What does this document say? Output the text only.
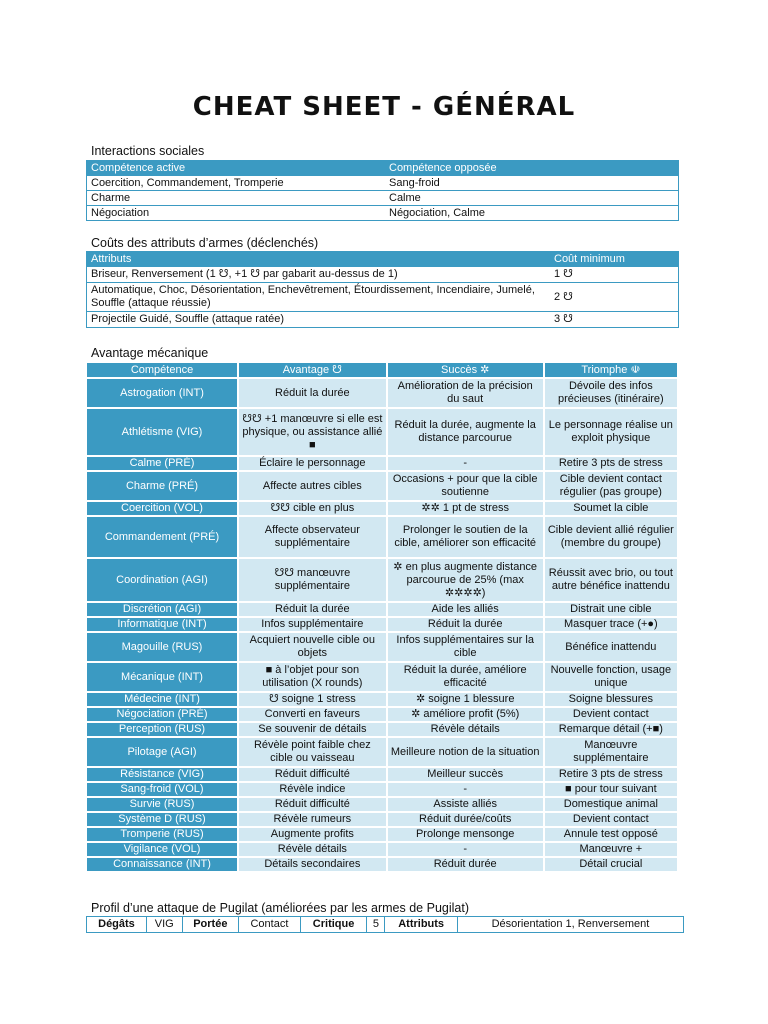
CHEAT SHEET - GÉNÉRAL
Interactions sociales
Compétence active	Compétence opposée
Coercition, Commandement, Tromperie	Sang-froid
Charme	Calme
Négociation	Négociation, Calme
Coûts des attributs d’armes (déclenchés)
Attributs	Coût minimum
Briseur, Renversement (1 ☋, +1 ☋ par gabarit au-dessus de 1)	1 ☋
Automatique, Choc, Désorientation, Enchevêtrement, Étourdissement, Incendiaire, Jumelé, Souffle (attaque réussie)	2 ☋
Projectile Guidé, Souffle (attaque ratée)	3 ☋
Avantage mécanique
Compétence	Avantage ☋	Succès ✲	Triomphe ☫
Astrogation (INT)	Réduit la durée	Amélioration de la précision du saut	Dévoile des infos précieuses (itinéraire)
Athlétisme (VIG)	☋☋ +1 manœuvre si elle est physique, ou assistance allié ■	Réduit la durée, augmente la distance parcourue	Le personnage réalise un exploit physique
Calme (PRÉ)	Éclaire le personnage	-	Retire 3 pts de stress
Charme (PRÉ)	Affecte autres cibles	Occasions + pour que la cible soutienne	Cible devient contact régulier (pas groupe)
Coercition (VOL)	☋☋ cible en plus	✲✲ 1 pt de stress	Soumet la cible
Commandement (PRÉ)	Affecte observateur supplémentaire	Prolonger le soutien de la cible, améliorer son efficacité	Cible devient allié régulier (membre du groupe)
Coordination (AGI)	☋☋ manœuvre supplémentaire	✲ en plus augmente distance parcourue de 25% (max ✲✲✲✲)	Réussit avec brio, ou tout autre bénéfice inattendu
Discrétion (AGI)	Réduit la durée	Aide les alliés	Distrait une cible
Informatique (INT)	Infos supplémentaire	Réduit la durée	Masquer trace (+●)
Magouille (RUS)	Acquiert nouvelle cible ou objets	Infos supplémentaires sur la cible	Bénéfice inattendu
Mécanique (INT)	■ à l’objet pour son utilisation (X rounds)	Réduit la durée, améliore efficacité	Nouvelle fonction, usage unique
Médecine (INT)	☋ soigne 1 stress	✲ soigne 1 blessure	Soigne blessures
Négociation (PRÉ)	Converti en faveurs	✲ améliore profit (5%)	Devient contact
Perception (RUS)	Se souvenir de détails	Révèle détails	Remarque détail (+■)
Pilotage (AGI)	Révèle point faible chez cible ou vaisseau	Meilleure notion de la situation	Manœuvre supplémentaire
Résistance (VIG)	Réduit difficulté	Meilleur succès	Retire 3 pts de stress
Sang-froid (VOL)	Révèle indice	-	■ pour tour suivant
Survie (RUS)	Réduit difficulté	Assiste alliés	Domestique animal
Système D (RUS)	Révèle rumeurs	Réduit durée/coûts	Devient contact
Tromperie (RUS)	Augmente profits	Prolonge mensonge	Annule test opposé
Vigilance (VOL)	Révèle détails	-	Manœuvre +
Connaissance (INT)	Détails secondaires	Réduit durée	Détail crucial
Profil d’une attaque de Pugilat (améliorées par les armes de Pugilat)
Dégâts	VIG	Portée	Contact	Critique	5	Attributs	Désorientation 1, Renversement
